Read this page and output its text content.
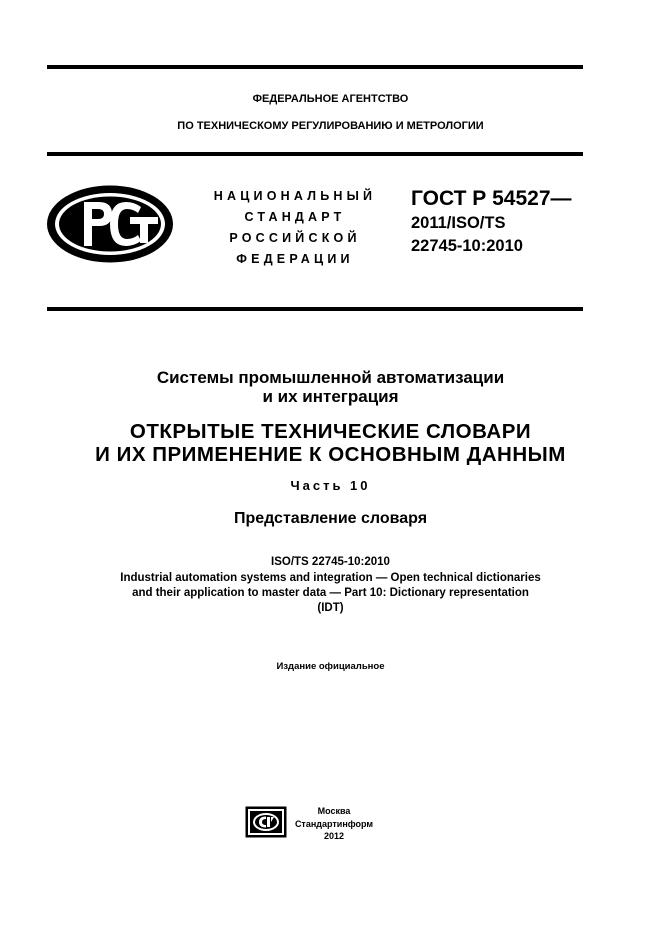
ФЕДЕРАЛЬНОЕ АГЕНТСТВО
ПО ТЕХНИЧЕСКОМУ РЕГУЛИРОВАНИЮ И МЕТРОЛОГИИ
НАЦИОНАЛЬНЫЙ
СТАНДАРТ
РОССИЙСКОЙ
ФЕДЕРАЦИИ
ГОСТ Р 54527—
2011/ISO/TS
22745-10:2010
Системы промышленной автоматизации
и их интеграция
ОТКРЫТЫЕ ТЕХНИЧЕСКИЕ СЛОВАРИ
И ИХ ПРИМЕНЕНИЕ К ОСНОВНЫМ ДАННЫМ
Часть 10
Представление словаря
ISO/TS 22745-10:2010
Industrial automation systems and integration — Open technical dictionaries
and their application to master data — Part 10: Dictionary representation
(IDT)
Издание официальное
Москва
Стандартинформ
2012
